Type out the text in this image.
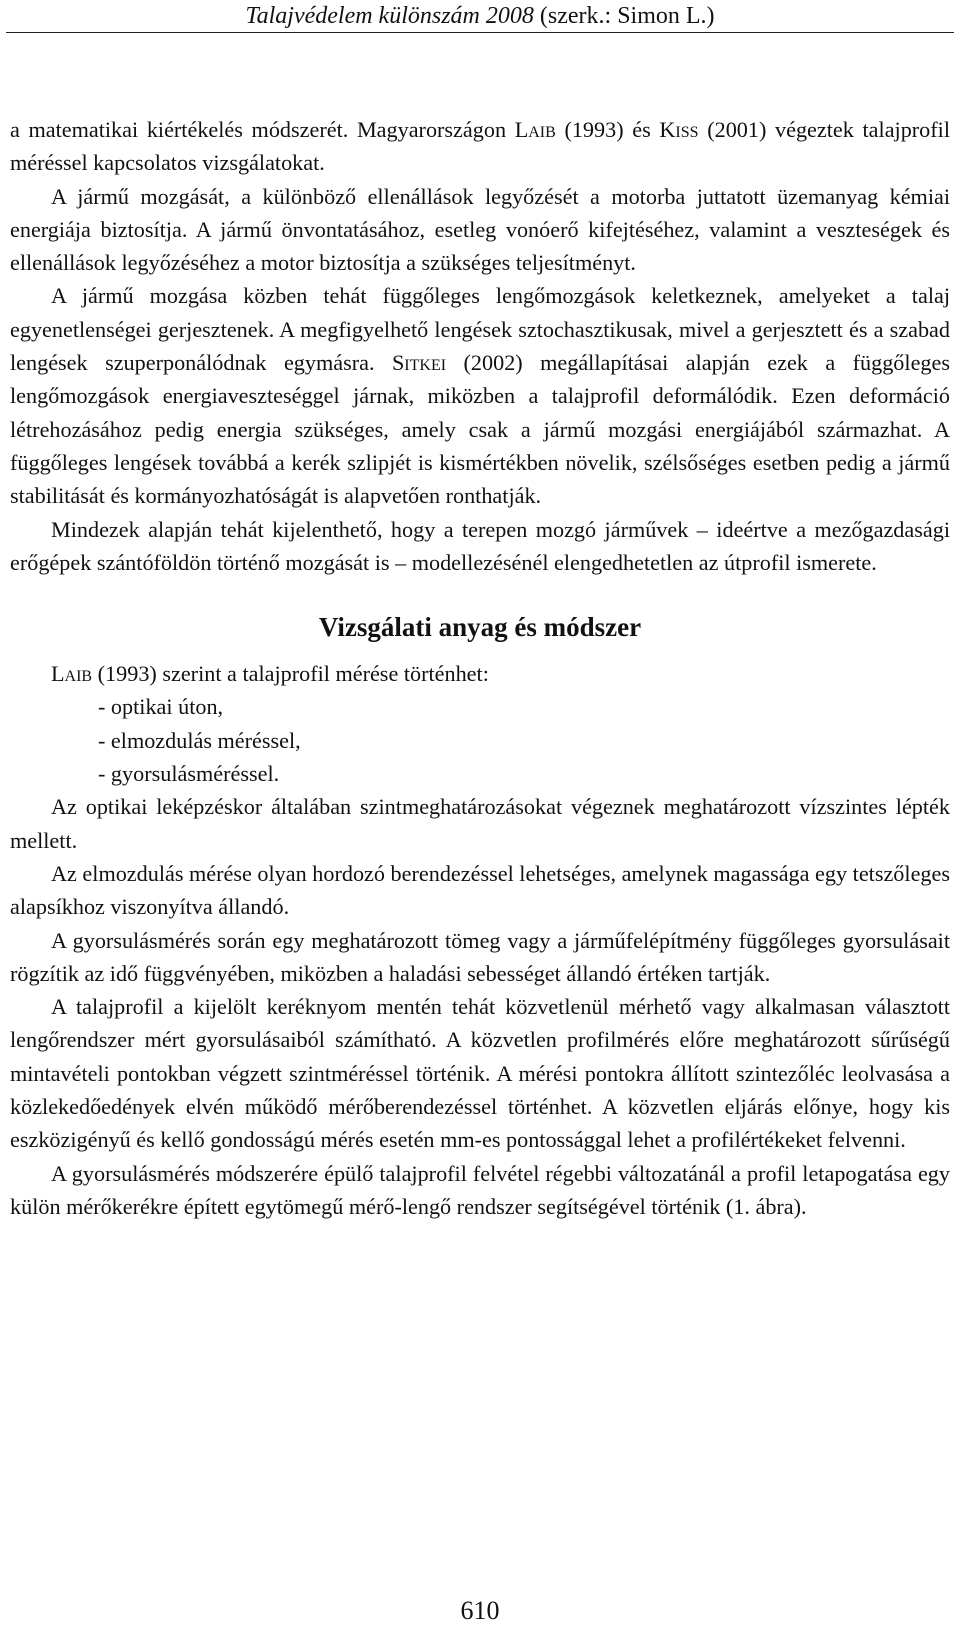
Talajvédelem különszám 2008 (szerk.: Simon L.)

a matematikai kiértékelés módszerét. Magyarországon Laib (1993) és Kiss (2001) végeztek talajprofil méréssel kapcsolatos vizsgálatokat.

A jármű mozgását, a különböző ellenállások legyőzését a motorba juttatott üzemanyag kémiai energiája biztosítja. A jármű önvontatásához, esetleg vonóerő kifejtéséhez, valamint a veszteségek és ellenállások legyőzéséhez a motor biztosítja a szükséges teljesítményt.

A jármű mozgása közben tehát függőleges lengőmozgások keletkeznek, amelyeket a talaj egyenetlenségei gerjesztenek. A megfigyelhető lengések sztochasztikusak, mivel a gerjesztett és a szabad lengések szuperponálódnak egymásra. Sitkei (2002) megállapításai alapján ezek a függőleges lengőmozgások energiaveszteséggel járnak, miközben a talajprofil deformálódik. Ezen deformáció létrehozásához pedig energia szükséges, amely csak a jármű mozgási energiájából származhat. A függőleges lengések továbbá a kerék szlipjét is kismértékben növelik, szélsőséges esetben pedig a jármű stabilitását és kormányozhatóságát is alapvetően ronthatják.

Mindezek alapján tehát kijelenthető, hogy a terepen mozgó járművek – ideértve a mezőgazdasági erőgépek szántóföldön történő mozgását is – modellezésénél elengedhetetlen az útprofil ismerete.

Vizsgálati anyag és módszer

Laib (1993) szerint a talajprofil mérése történhet:

- optikai úton,
- elmozdulás méréssel,
- gyorsulásméréssel.

Az optikai leképzéskor általában szintmeghatározásokat végeznek meghatározott vízszintes lépték mellett.

Az elmozdulás mérése olyan hordozó berendezéssel lehetséges, amelynek magassága egy tetszőleges alapsíkhoz viszonyítva állandó.

A gyorsulásmérés során egy meghatározott tömeg vagy a járműfelépítmény függőleges gyorsulásait rögzítik az idő függvényében, miközben a haladási sebességet állandó értéken tartják.

A talajprofil a kijelölt keréknyom mentén tehát közvetlenül mérhető vagy alkalmasan választott lengőrendszer mért gyorsulásaiból számítható. A közvetlen profilmérés előre meghatározott sűrűségű mintavételi pontokban végzett szintméréssel történik. A mérési pontokra állított szintezőléc leolvasása a közlekedőedények elvén működő mérőberendezéssel történhet. A közvetlen eljárás előnye, hogy kis eszközigényű és kellő gondosságú mérés esetén mm-es pontossággal lehet a profilértékeket felvenni.

A gyorsulásmérés módszerére épülő talajprofil felvétel régebbi változatánál a profil letapogatása egy külön mérőkerékre épített egytömegű mérő-lengő rendszer segítségével történik (1. ábra).

610
